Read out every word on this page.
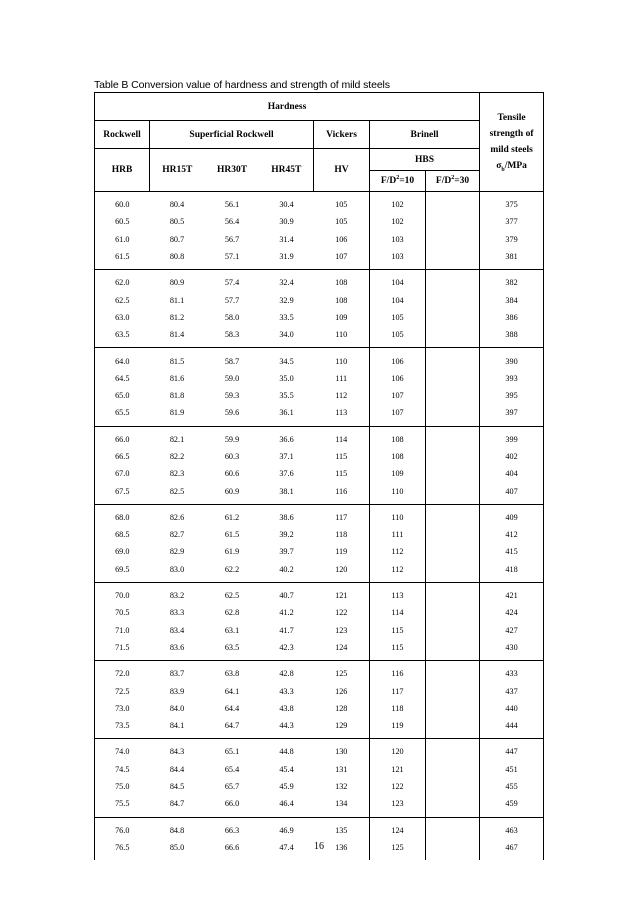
Table B Conversion value of hardness and strength of mild steels
Hardness							Tensile
strength of
mild steels
$\sigma_b$/MPa
Rockwell	Superficial Rockwell			Vickers	Brinell		
HRB	HR15T	HR30T	HR45T	HV	HBS		
					$F/D^2=10$	$F/D^2=30$	
60.0	80.4	56.1	30.4	105	102		375
60.5	80.5	56.4	30.9	105	102		377
61.0	80.7	56.7	31.4	106	103		379
61.5	80.8	57.1	31.9	107	103		381
62.0	80.9	57.4	32.4	108	104		382
62.5	81.1	57.7	32.9	108	104		384
63.0	81.2	58.0	33.5	109	105		386
63.5	81.4	58.3	34.0	110	105		388
64.0	81.5	58.7	34.5	110	106		390
64.5	81.6	59.0	35.0	111	106		393
65.0	81.8	59.3	35.5	112	107		395
65.5	81.9	59.6	36.1	113	107		397
66.0	82.1	59.9	36.6	114	108		399
66.5	82.2	60.3	37.1	115	108		402
67.0	82.3	60.6	37.6	115	109		404
67.5	82.5	60.9	38.1	116	110		407
68.0	82.6	61.2	38.6	117	110		409
68.5	82.7	61.5	39.2	118	111		412
69.0	82.9	61.9	39.7	119	112		415
69.5	83.0	62.2	40.2	120	112		418
70.0	83.2	62.5	40.7	121	113		421
70.5	83.3	62.8	41.2	122	114		424
71.0	83.4	63.1	41.7	123	115		427
71.5	83.6	63.5	42.3	124	115		430
72.0	83.7	63.8	42.8	125	116		433
72.5	83.9	64.1	43.3	126	117		437
73.0	84.0	64.4	43.8	128	118		440
73.5	84.1	64.7	44.3	129	119		444
74.0	84.3	65.1	44.8	130	120		447
74.5	84.4	65.4	45.4	131	121		451
75.0	84.5	65.7	45.9	132	122		455
75.5	84.7	66.0	46.4	134	123		459
76.0	84.8	66.3	46.9	135	124		463
76.5	85.0	66.6	47.4	136	125		467
16
